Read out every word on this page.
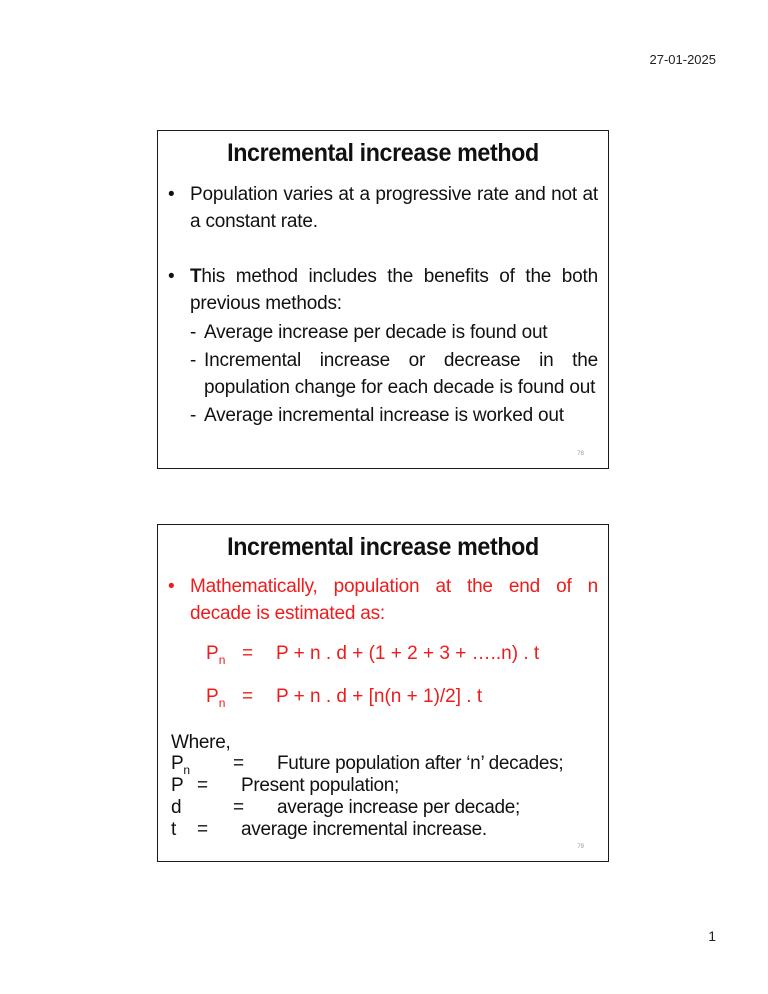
27-01-2025
Incremental increase method
• Population varies at a progressive rate and not at a constant rate.
• This method includes the benefits of the both previous methods:
- Average increase per decade is found out
- Incremental increase or decrease in the population change for each decade is found out
- Average incremental increase is worked out
78
Incremental increase method
• Mathematically, population at the end of n decade is estimated as:
$P_n = P + n$ . d + (1 + 2 + 3 + …..n) . t
$P_n = P + n$ . d + [n(n + 1)/2] . t
Where,
$P_n$ = Future population after ‘n’ decades;
P = Present population;
d	= average increase per decade;
t = average incremental increase.
79
1
